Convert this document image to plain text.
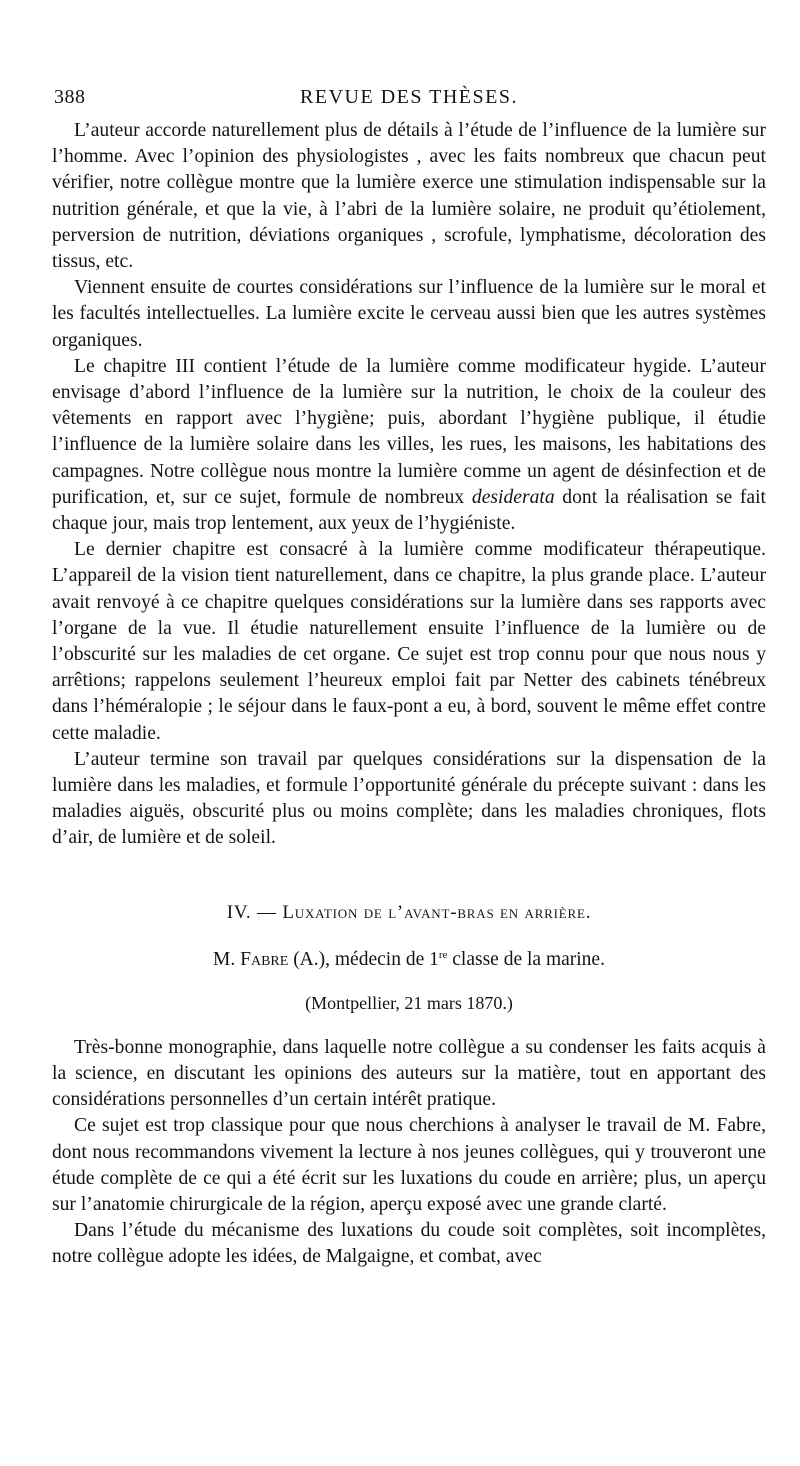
388	REVUE DES THÈSES.

L’auteur accorde naturellement plus de détails à l’étude de l’influence de la lumière sur l’homme. Avec l’opinion des physiologistes , avec les faits nombreux que chacun peut vérifier, notre collègue montre que la lumière exerce une stimulation indispensable sur la nutrition générale, et que la vie, à l’abri de la lumière solaire, ne produit qu’étiolement, perversion de nutrition, déviations organiques , scrofule, lymphatisme, décoloration des tissus, etc.

Viennent ensuite de courtes considérations sur l’influence de la lumière sur le moral et les facultés intellectuelles. La lumière excite le cerveau aussi bien que les autres systèmes organiques.

Le chapitre III contient l’étude de la lumière comme modificateur hygide. L’auteur envisage d’abord l’influence de la lumière sur la nutrition, le choix de la couleur des vêtements en rapport avec l’hygiène; puis, abordant l’hygiène publique, il étudie l’influence de la lumière solaire dans les villes, les rues, les maisons, les habitations des campagnes. Notre collègue nous montre la lumière comme un agent de désinfection et de purification, et, sur ce sujet, formule de nombreux desiderata dont la réalisation se fait chaque jour, mais trop lentement, aux yeux de l’hygiéniste.

Le dernier chapitre est consacré à la lumière comme modificateur thérapeutique. L’appareil de la vision tient naturellement, dans ce chapitre, la plus grande place. L’auteur avait renvoyé à ce chapitre quelques considérations sur la lumière dans ses rapports avec l’organe de la vue. Il étudie naturellement ensuite l’influence de la lumière ou de l’obscurité sur les maladies de cet organe. Ce sujet est trop connu pour que nous nous y arrêtions; rappelons seulement l’heureux emploi fait par Netter des cabinets ténébreux dans l’héméralopie ; le séjour dans le faux-pont a eu, à bord, souvent le même effet contre cette maladie.

L’auteur termine son travail par quelques considérations sur la dispensation de la lumière dans les maladies, et formule l’opportunité générale du précepte suivant : dans les maladies aiguës, obscurité plus ou moins complète; dans les maladies chroniques, flots d’air, de lumière et de soleil.

IV. — Luxation de l’avant-bras en arrière.

M. Fabre (A.), médecin de 1re classe de la marine.

(Montpellier, 21 mars 1870.)

Très-bonne monographie, dans laquelle notre collègue a su condenser les faits acquis à la science, en discutant les opinions des auteurs sur la matière, tout en apportant des considérations personnelles d’un certain intérêt pratique.

Ce sujet est trop classique pour que nous cherchions à analyser le travail de M. Fabre, dont nous recommandons vivement la lecture à nos jeunes collègues, qui y trouveront une étude complète de ce qui a été écrit sur les luxations du coude en arrière; plus, un aperçu sur l’anatomie chirurgicale de la région, aperçu exposé avec une grande clarté.

Dans l’étude du mécanisme des luxations du coude soit complètes, soit incomplètes, notre collègue adopte les idées, de Malgaigne, et combat, avec
